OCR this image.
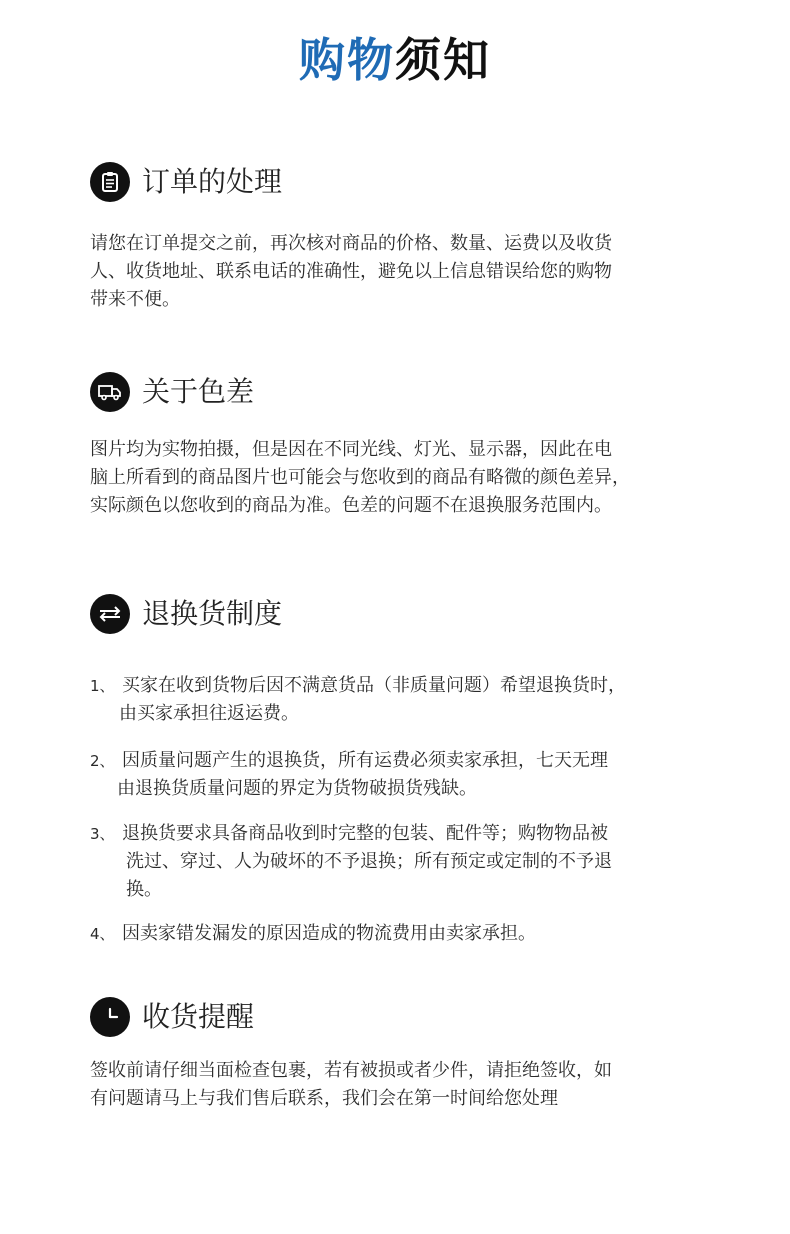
购物须知
订单的处理
请您在订单提交之前，再次核对商品的价格、数量、运费以及收货
人、收货地址、联系电话的准确性，避免以上信息错误给您的购物
带来不便。
关于色差
图片均为实物拍摄，但是因在不同光线、灯光、显示器，因此在电
脑上所看到的商品图片也可能会与您收到的商品有略微的颜色差异，
实际颜色以您收到的商品为准。色差的问题不在退换服务范围内。
退换货制度
1、 买家在收到货物后因不满意货品（非质量问题）希望退换货时，
由买家承担往返运费。
2、 因质量问题产生的退换货，所有运费必须卖家承担，七天无理
由退换货质量问题的界定为货物破损货残缺。
3、 退换货要求具备商品收到时完整的包装、配件等；购物物品被
洗过、穿过、人为破坏的不予退换；所有预定或定制的不予退
换。
4、 因卖家错发漏发的原因造成的物流费用由卖家承担。
收货提醒
签收前请仔细当面检查包裹，若有被损或者少件，请拒绝签收，如
有问题请马上与我们售后联系，我们会在第一时间给您处理
